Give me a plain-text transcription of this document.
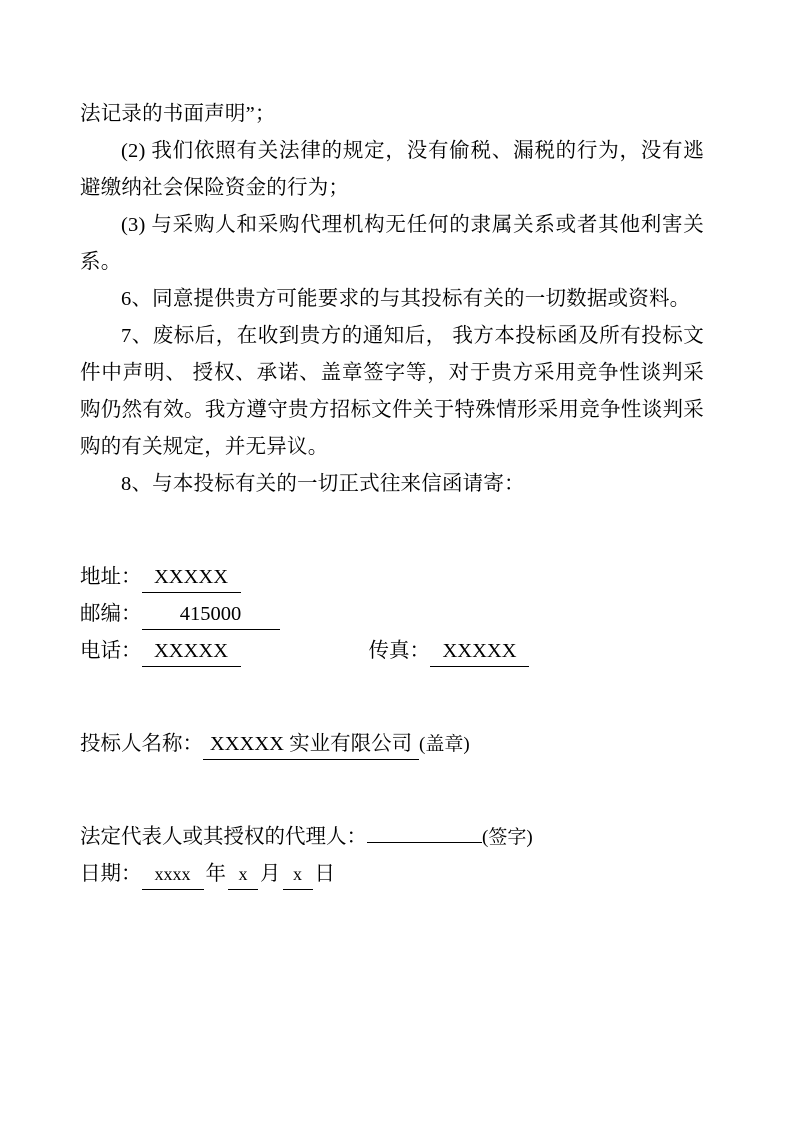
法记录的书面声明”；

(2) 我们依照有关法律的规定，没有偷税、漏税的行为，没有逃避缴纳社会保险资金的行为；

(3) 与采购人和采购代理机构无任何的隶属关系或者其他利害关系。

6、同意提供贵方可能要求的与其投标有关的一切数据或资料。

7、废标后，在收到贵方的通知后， 我方本投标函及所有投标文件中声明、 授权、承诺、盖章签字等，对于贵方采用竞争性谈判采购仍然有效。我方遵守贵方招标文件关于特殊情形采用竞争性谈判采购的有关规定，并无异议。

8、与本投标有关的一切正式往来信函请寄：

地址： XXXXX

邮编： 415000

电话： XXXXX	传真： XXXXX

投标人名称： XXXXX 实业有限公司 (盖章)

法定代表人或其授权的代理人：	(签字)

日期： xxxx 年 x 月 x 日
